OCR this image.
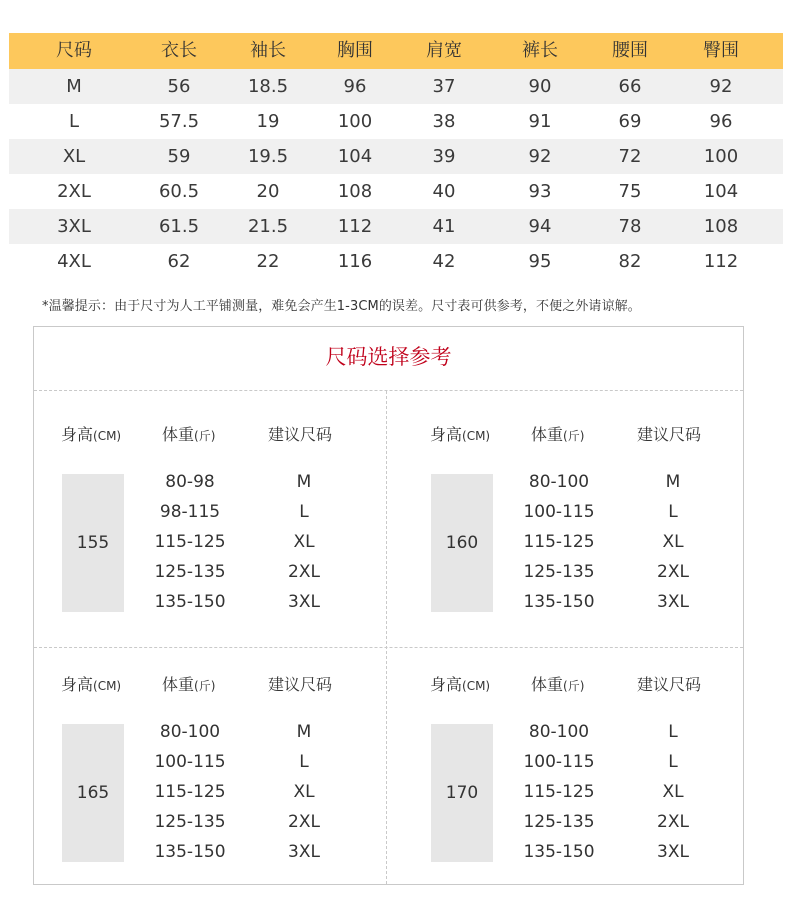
尺码	衣长	袖长	胸围	肩宽	裤长	腰围	臀围
M	56	18.5	96	37	90	66	92
L	57.5	19	100	38	91	69	96
XL	59	19.5	104	39	92	72	100
2XL	60.5	20	108	40	93	75	104
3XL	61.5	21.5	112	41	94	78	108
4XL	62	22	116	42	95	82	112
*温馨提示：由于尺寸为人工平铺测量，难免会产生1-3CM的误差。尺寸表可供参考，不便之外请谅解。
尺码选择参考
身高(CM)	体重(斤)	建议尺码
155
80-98	M
98-115	L
115-125	XL
125-135	2XL
135-150	3XL
身高(CM)	体重(斤)	建议尺码
160
80-100	M
100-115	L
115-125	XL
125-135	2XL
135-150	3XL
身高(CM)	体重(斤)	建议尺码
165
80-100	M
100-115	L
115-125	XL
125-135	2XL
135-150	3XL
身高(CM)	体重(斤)	建议尺码
170
80-100	L
100-115	L
115-125	XL
125-135	2XL
135-150	3XL
